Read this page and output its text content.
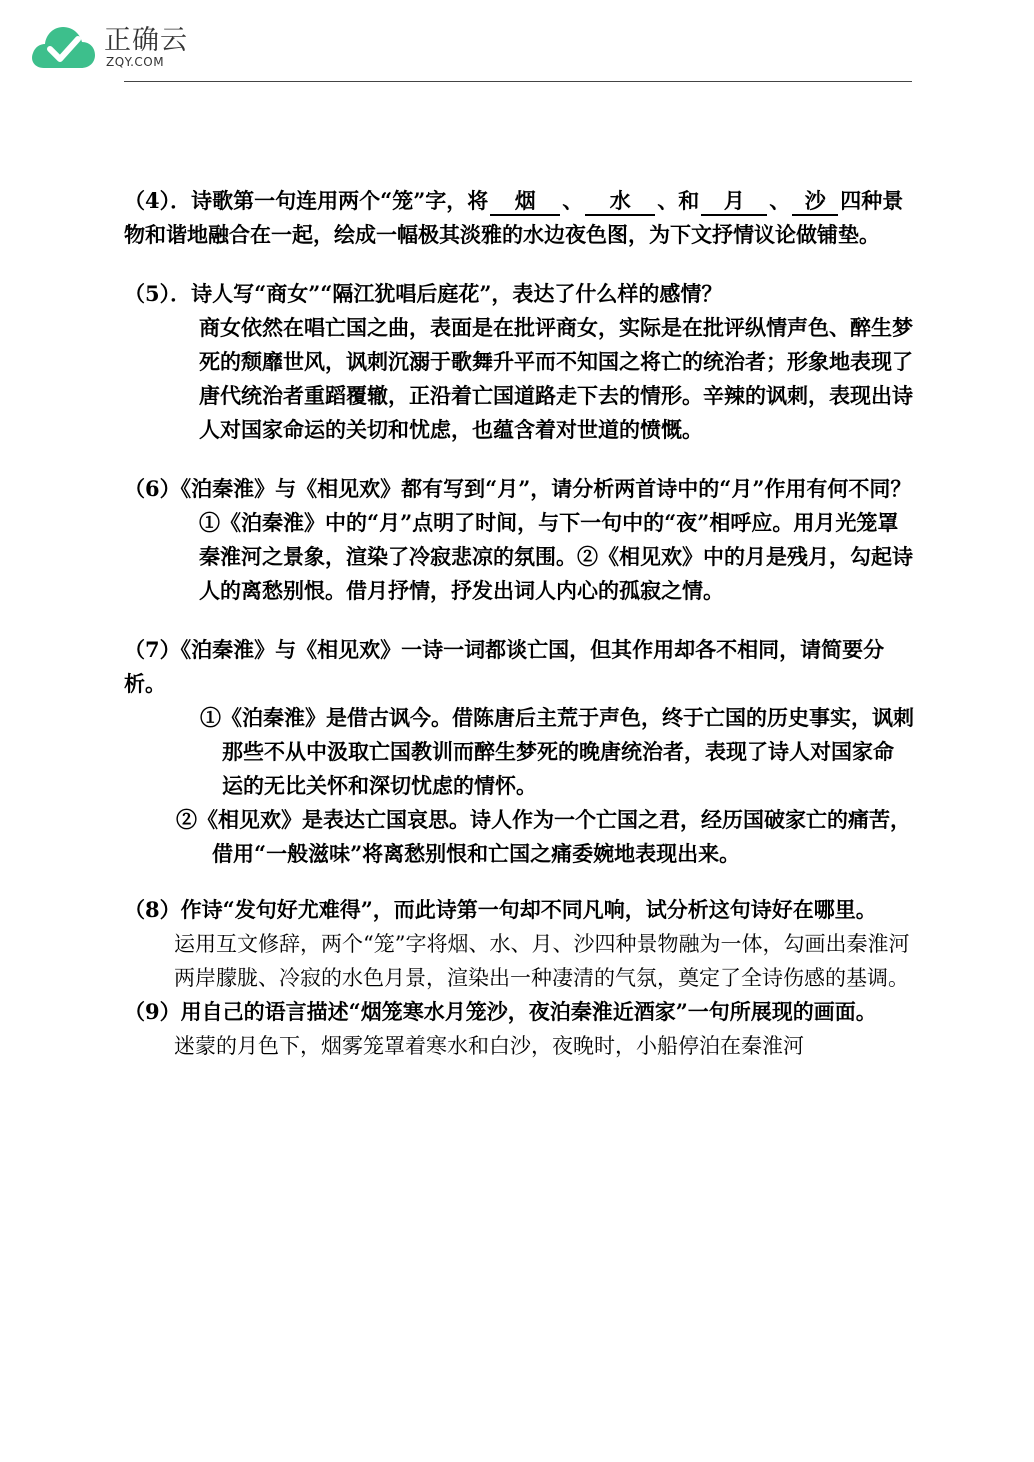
正确云
ZQY.COM

（4）．诗歌第一句连用两个“笼”字，将 烟 、 水 、和 月 、 沙 四种景物和谐地融合在一起，绘成一幅极其淡雅的水边夜色图，为下文抒情议论做铺垫。

（5）．诗人写“商女”“隔江犹唱后庭花”，表达了什么样的感情？

商女依然在唱亡国之曲，表面是在批评商女，实际是在批评纵情声色、醉生梦死的颓靡世风，讽刺沉溺于歌舞升平而不知国之将亡的统治者；形象地表现了唐代统治者重蹈覆辙，正沿着亡国道路走下去的情形。辛辣的讽刺，表现出诗人对国家命运的关切和忧虑，也蕴含着对世道的愤慨。

（6）《泊秦淮》与《相见欢》都有写到“月”，请分析两首诗中的“月”作用有何不同？

①《泊秦淮》中的“月”点明了时间，与下一句中的“夜”相呼应。用月光笼罩秦淮河之景象，渲染了冷寂悲凉的氛围。②《相见欢》中的月是残月，勾起诗人的离愁别恨。借月抒情，抒发出词人内心的孤寂之情。

（7）《泊秦淮》与《相见欢》一诗一词都谈亡国，但其作用却各不相同，请简要分析。

①《泊秦淮》是借古讽今。借陈唐后主荒于声色，终于亡国的历史事实，讽刺那些不从中汲取亡国教训而醉生梦死的晚唐统治者，表现了诗人对国家命运的无比关怀和深切忧虑的情怀。

②《相见欢》是表达亡国哀思。诗人作为一个亡国之君，经历国破家亡的痛苦，借用“一般滋味”将离愁别恨和亡国之痛委婉地表现出来。

（8）作诗“发句好尤难得”，而此诗第一句却不同凡响，试分析这句诗好在哪里。

运用互文修辞，两个“笼”字将烟、水、月、沙四种景物融为一体，勾画出秦淮河两岸朦胧、冷寂的水色月景，渲染出一种凄清的气氛，奠定了全诗伤感的基调。

（9）用自己的语言描述“烟笼寒水月笼沙，夜泊秦淮近酒家”一句所展现的画面。

迷蒙的月色下，烟雾笼罩着寒水和白沙，夜晚时，小船停泊在秦淮河
